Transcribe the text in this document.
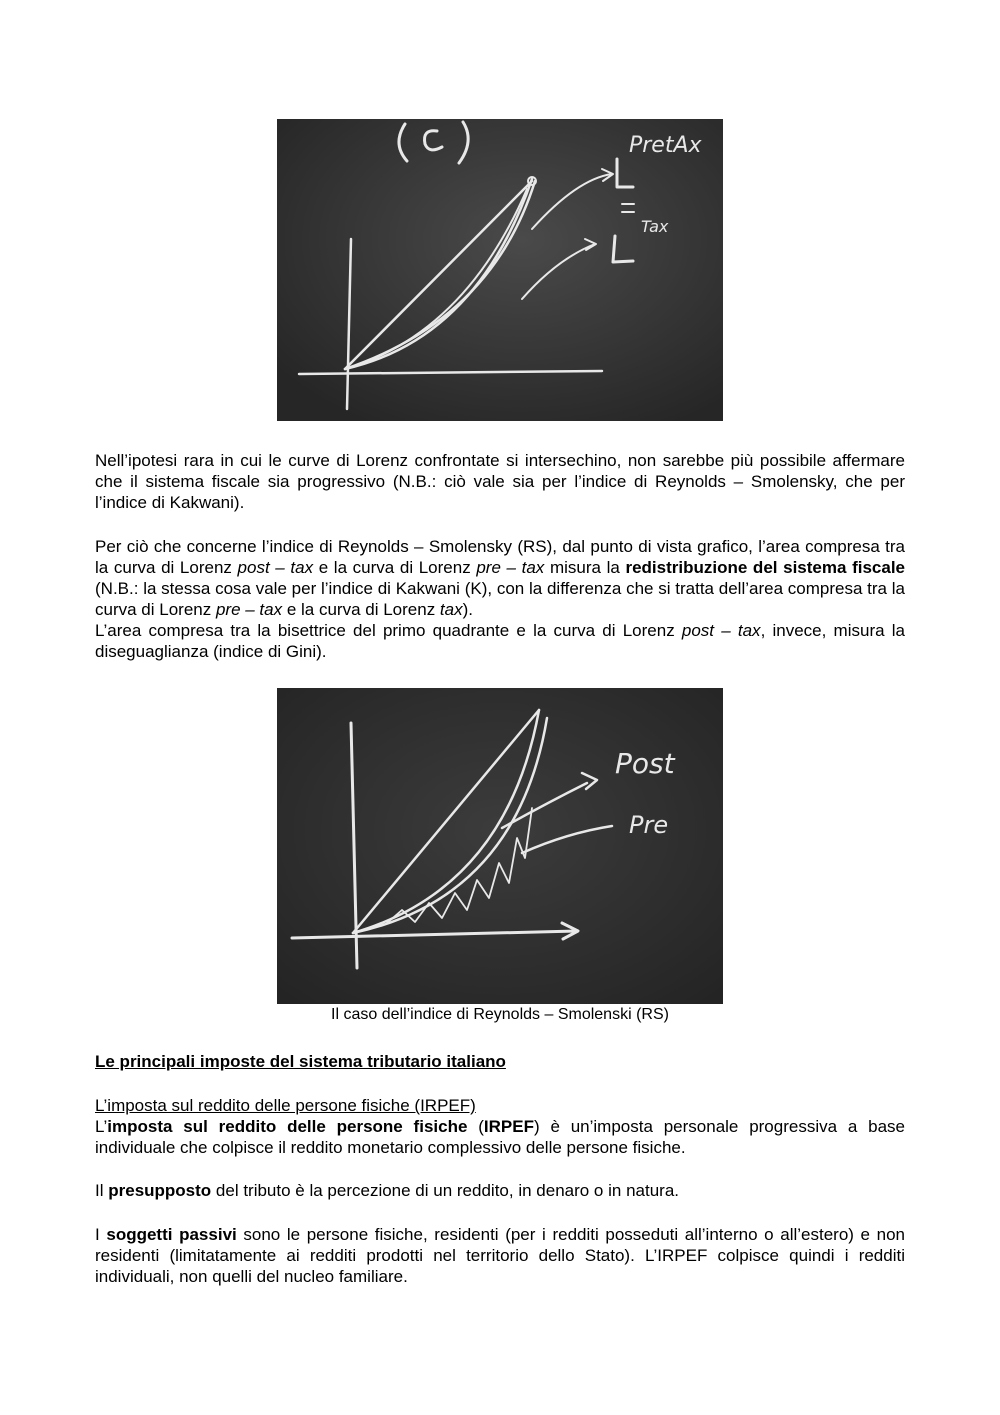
PretAx
Tax

Nell’ipotesi rara in cui le curve di Lorenz confrontate si intersechino, non sarebbe più possibile affermare che il sistema fiscale sia progressivo (N.B.: ciò vale sia per l’indice di Reynolds – Smolensky, che per l’indice di Kakwani).

Per ciò che concerne l’indice di Reynolds – Smolensky (RS), dal punto di vista grafico, l’area compresa tra la curva di Lorenz post – tax e la curva di Lorenz pre – tax misura la redistribuzione del sistema fiscale (N.B.: la stessa cosa vale per l’indice di Kakwani (K), con la differenza che si tratta dell’area compresa tra la curva di Lorenz pre – tax e la curva di Lorenz tax).

L’area compresa tra la bisettrice del primo quadrante e la curva di Lorenz post – tax, invece, misura la diseguaglianza (indice di Gini).

Post
Pre
Il caso dell’indice di Reynolds – Smolenski (RS)
Le principali imposte del sistema tributario italiano
L’imposta sul reddito delle persone fisiche (IRPEF)

L’imposta sul reddito delle persone fisiche (IRPEF) è un’imposta personale progressiva a base individuale che colpisce il reddito monetario complessivo delle persone fisiche.

Il presupposto del tributo è la percezione di un reddito, in denaro o in natura.

I soggetti passivi sono le persone fisiche, residenti (per i redditi posseduti all’interno o all’estero) e non residenti (limitatamente ai redditi prodotti nel territorio dello Stato). L’IRPEF colpisce quindi i redditi individuali, non quelli del nucleo familiare.
